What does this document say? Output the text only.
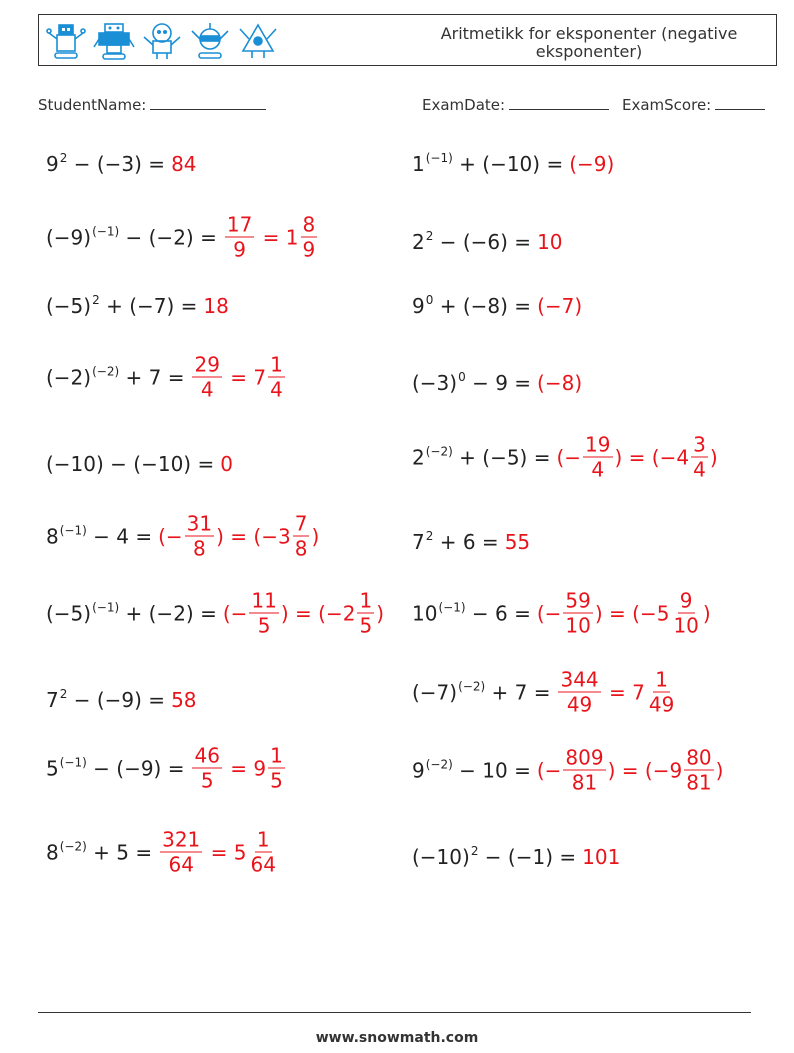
Aritmetikk for eksponenter (negative eksponenter)
StudentName:	ExamDate:	ExamScore:
$9^2 - (-3) = 84$
$(-9)^{(-1)} - (-2) = \frac{17}{9} = 1 \frac{8}{9}$
$(-5)^2 + (-7) = 18$
$(-2)^{(-2)} + 7 = \frac{29}{4} = 7 \frac{1}{4}$
(−10) − (−10) = 0
$8^{(-1)} - 4$ = (− $\frac{31}{8}$ ) = ( $-3 \frac{7}{8}$ )
$(-5)^{(-1)} + (-2)$ = (− $\frac{11}{5}$ ) = ( $-2 \frac{1}{5}$ )
$7^2 - (-9) = 58$
$5^{(-1)} - (-9) = \frac{46}{5} = 9 \frac{1}{5}$
$8^{(-2)} + 5 = \frac{321}{64} = 5 \frac{1}{64}$
$1^{(-1)} + (-10) = (-9)$
$2^2 - (-6) = 10$
$9^0 + (-8) = (-7)$
$(-3)^0 - 9 = (-8)$
$2^{(-2)} + (-5)$ = (− $\frac{19}{4}$ ) = ( $-4 \frac{3}{4}$ )
$7^2 + 6 = 55$
$10^{(-1)} - 6$ = (− $\frac{59}{10}$ ) = ( $-5 \frac{9}{10}$ )
$(-7)^{(-2)} + 7 = \frac{344}{49} = 7 \frac{1}{49}$
$9^{(-2)} - 10$ = (− $\frac{809}{81}$ ) = ( $-9 \frac{80}{81}$ )
$(-10)^2 - (-1) = 101$
www.snowmath.com
